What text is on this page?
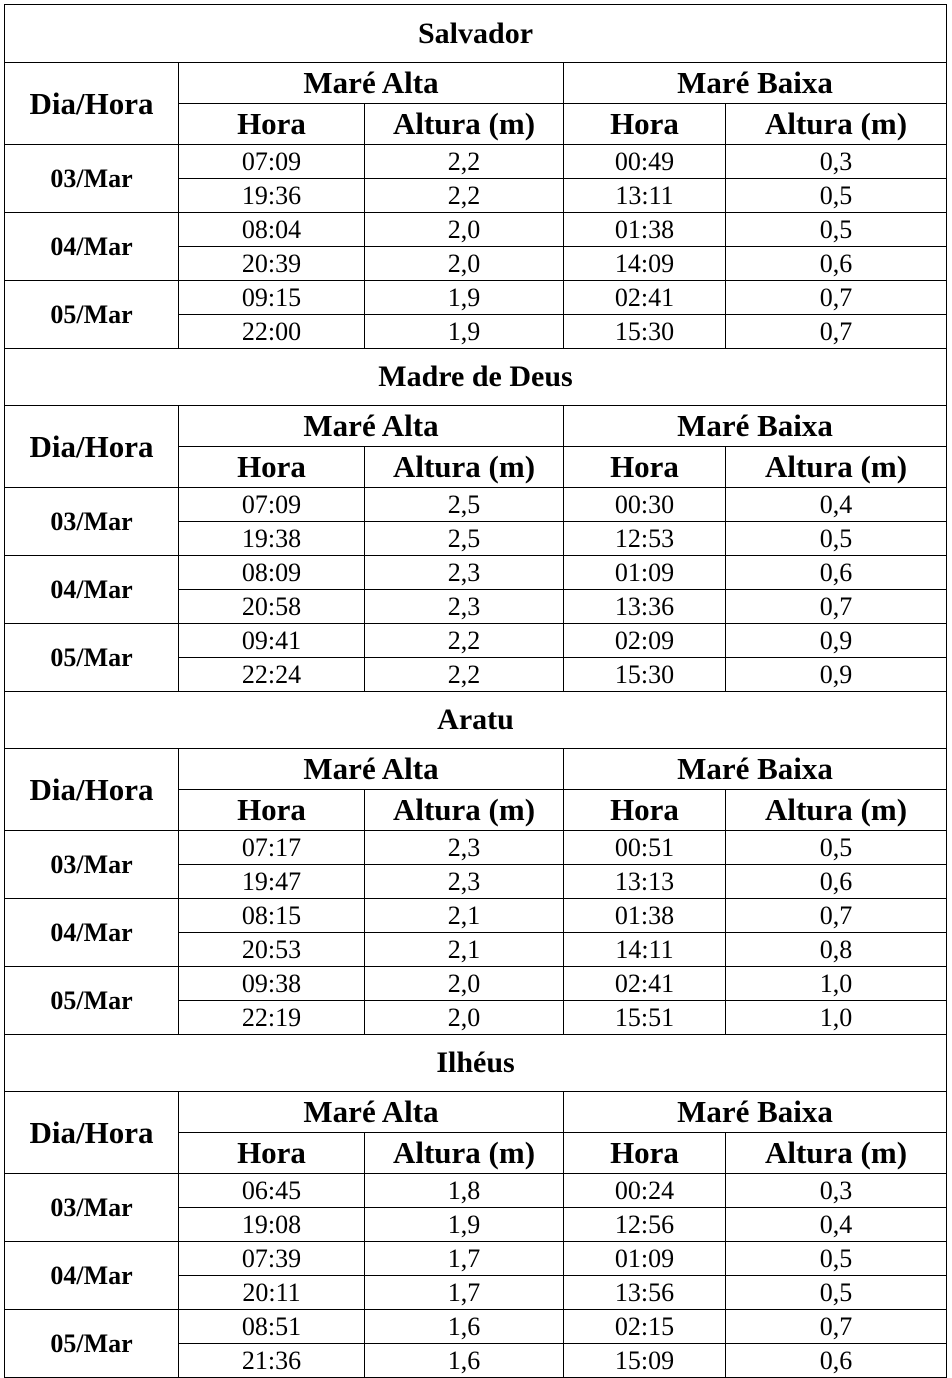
Salvador				
Dia/Hora	Maré Alta		Maré Baixa	
	Hora	Altura (m)	Hora	Altura (m)
03/Mar	07:09	2,2	00:49	0,3
	19:36	2,2	13:11	0,5
04/Mar	08:04	2,0	01:38	0,5
	20:39	2,0	14:09	0,6
05/Mar	09:15	1,9	02:41	0,7
	22:00	1,9	15:30	0,7
Madre de Deus				
Dia/Hora	Maré Alta		Maré Baixa	
	Hora	Altura (m)	Hora	Altura (m)
03/Mar	07:09	2,5	00:30	0,4
	19:38	2,5	12:53	0,5
04/Mar	08:09	2,3	01:09	0,6
	20:58	2,3	13:36	0,7
05/Mar	09:41	2,2	02:09	0,9
	22:24	2,2	15:30	0,9
Aratu				
Dia/Hora	Maré Alta		Maré Baixa	
	Hora	Altura (m)	Hora	Altura (m)
03/Mar	07:17	2,3	00:51	0,5
	19:47	2,3	13:13	0,6
04/Mar	08:15	2,1	01:38	0,7
	20:53	2,1	14:11	0,8
05/Mar	09:38	2,0	02:41	1,0
	22:19	2,0	15:51	1,0
Ilhéus				
Dia/Hora	Maré Alta		Maré Baixa	
	Hora	Altura (m)	Hora	Altura (m)
03/Mar	06:45	1,8	00:24	0,3
	19:08	1,9	12:56	0,4
04/Mar	07:39	1,7	01:09	0,5
	20:11	1,7	13:56	0,5
05/Mar	08:51	1,6	02:15	0,7
	21:36	1,6	15:09	0,6
